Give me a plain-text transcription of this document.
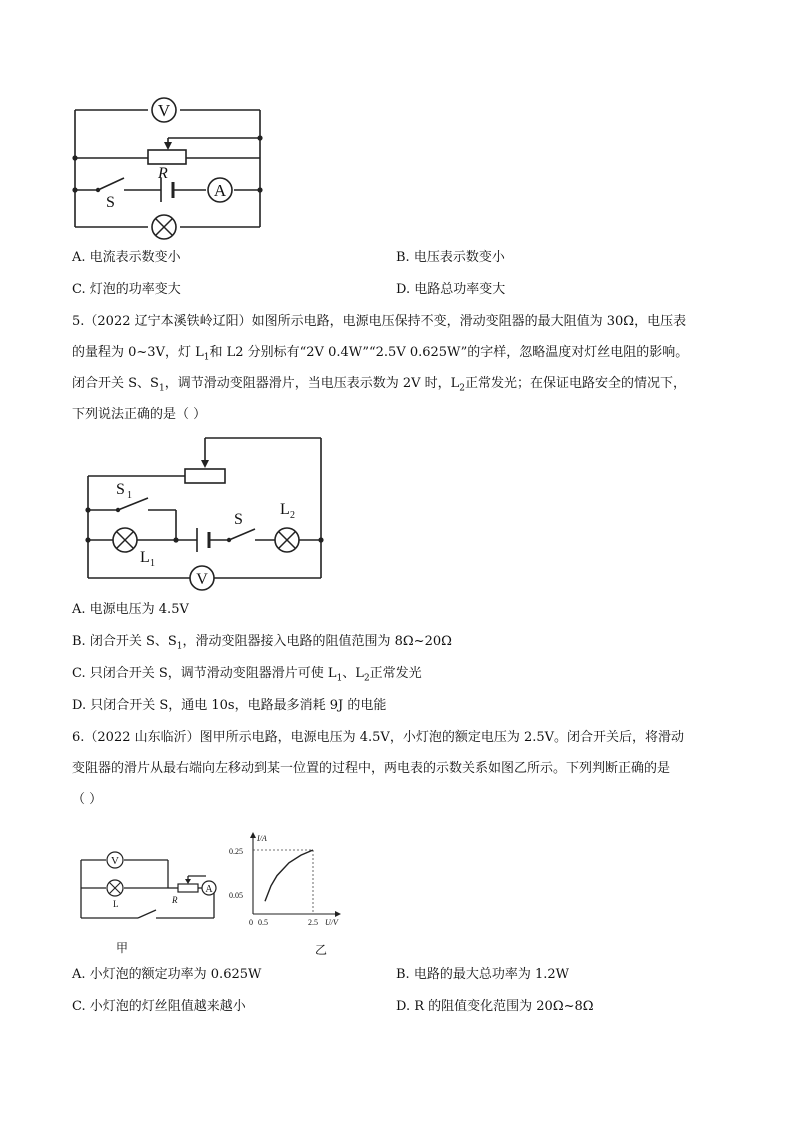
V
A
R
S
A. 电流表示数变小	B. 电压表示数变小
C. 灯泡的功率变大	D. 电路总功率变大
5.（2022 辽宁本溪铁岭辽阳）如图所示电路，电源电压保持不变，滑动变阻器的最大阻值为 30Ω，电压表
的量程为 0~3V，灯 $L_1$和 L2 分别标有“2V 0.4W”“2.5V 0.625W”的字样，忽略温度对灯丝电阻的影响。
闭合开关 S、$S_1$，调节滑动变阻器滑片，当电压表示数为 2V 时，$L_2$正常发光；在保证电路安全的情况下，
下列说法正确的是（ ）
V
S 1
L 1
S
L 2
A. 电源电压为 4.5V
B. 闭合开关 S、$S_1$，滑动变阻器接入电路的阻值范围为 8Ω~20Ω
C. 只闭合开关 S，调节滑动变阻器滑片可使 $L_1$、$L_2$正常发光
D. 只闭合开关 S，通电 10s，电路最多消耗 9J 的电能
6.（2022 山东临沂）图甲所示电路，电源电压为 4.5V，小灯泡的额定电压为 2.5V。闭合开关后，将滑动
变阻器的滑片从最右端向左移动到某一位置的过程中，两电表的示数关系如图乙所示。下列判断正确的是
（ ）
V
A
L	R
甲
I/A
U/V
0.25
0.05
0 0.5	2.5
乙
A. 小灯泡的额定功率为 0.625W	B. 电路的最大总功率为 1.2W
C. 小灯泡的灯丝阻值越来越小	D. R 的阻值变化范围为 20Ω~8Ω
